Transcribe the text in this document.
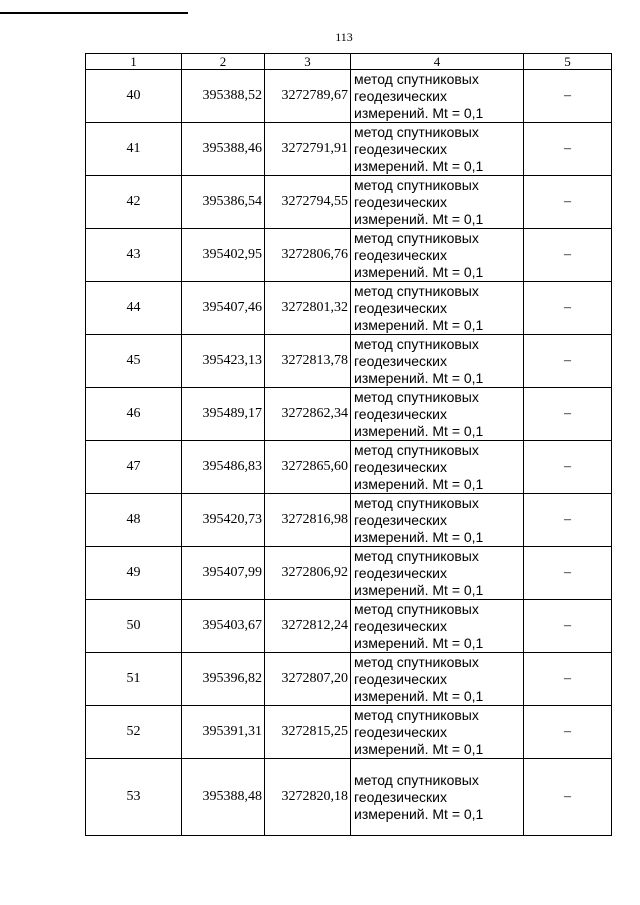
113
1	2	3	4	5
40	395388,52	3272789,67	метод спутниковых
геодезических
измерений. Mt = 0,1	–
41	395388,46	3272791,91	метод спутниковых
геодезических
измерений. Mt = 0,1	–
42	395386,54	3272794,55	метод спутниковых
геодезических
измерений. Mt = 0,1	–
43	395402,95	3272806,76	метод спутниковых
геодезических
измерений. Mt = 0,1	–
44	395407,46	3272801,32	метод спутниковых
геодезических
измерений. Mt = 0,1	–
45	395423,13	3272813,78	метод спутниковых
геодезических
измерений. Mt = 0,1	–
46	395489,17	3272862,34	метод спутниковых
геодезических
измерений. Mt = 0,1	–
47	395486,83	3272865,60	метод спутниковых
геодезических
измерений. Mt = 0,1	–
48	395420,73	3272816,98	метод спутниковых
геодезических
измерений. Mt = 0,1	–
49	395407,99	3272806,92	метод спутниковых
геодезических
измерений. Mt = 0,1	–
50	395403,67	3272812,24	метод спутниковых
геодезических
измерений. Mt = 0,1	–
51	395396,82	3272807,20	метод спутниковых
геодезических
измерений. Mt = 0,1	–
52	395391,31	3272815,25	метод спутниковых
геодезических
измерений. Mt = 0,1	–
53	395388,48	3272820,18	метод спутниковых
геодезических
измерений. Mt = 0,1	–
